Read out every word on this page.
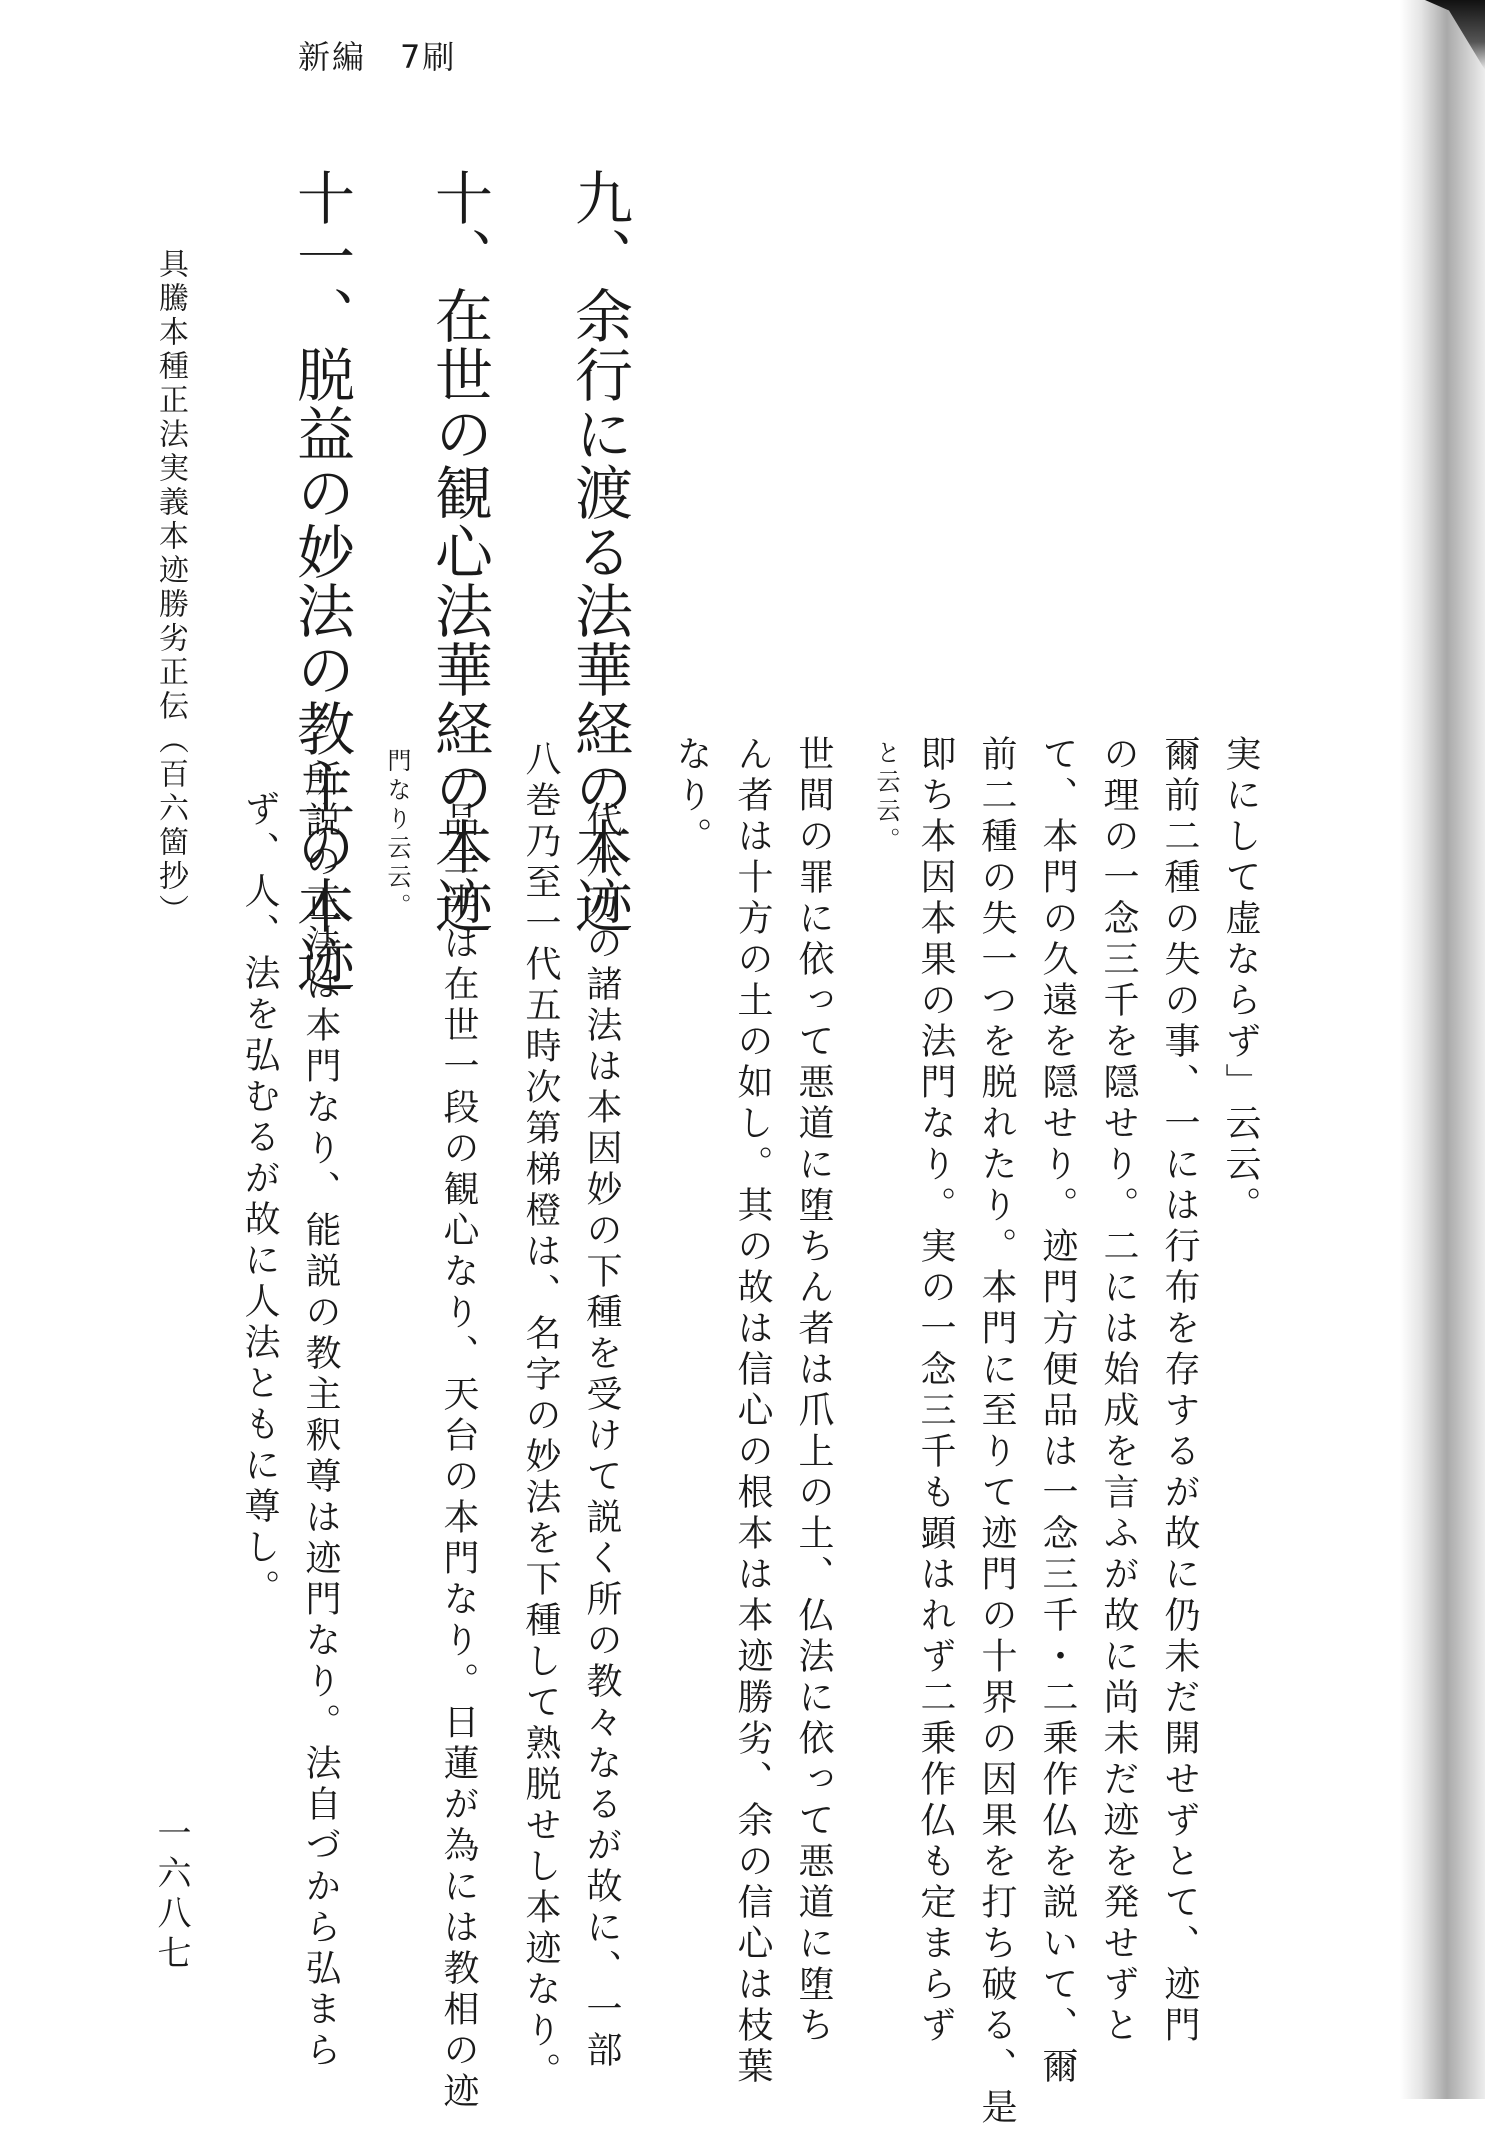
新編　7刷
実にして虚ならず」云云。
爾前二種の失の事、一には行布を存するが故に仍未だ開せずとて、迹門
の理の一念三千を隠せり。二には始成を言ふが故に尚未だ迹を発せずと
て、本門の久遠を隠せり。迹門方便品は一念三千・二乗作仏を説いて、爾
前二種の失一つを脱れたり。本門に至りて迹門の十界の因果を打ち破る、是
即ち本因本果の法門なり。実の一念三千も顕はれず二乗作仏も定まらず
と云云。
世間の罪に依って悪道に堕ちん者は爪上の土、仏法に依って悪道に堕ち
ん者は十方の土の如し。其の故は信心の根本は本迹勝劣、余の信心は枝葉
なり。
九、余行に渡る法華経の本迹
一代八万の諸法は本因妙の下種を受けて説く所の教々なるが故に、一部
八巻乃至一代五時次第梯橙は、名字の妙法を下種して熟脱せし本迹なり。
十、在世の観心法華経の本迹
一品二半は在世一段の観心なり、天台の本門なり。日蓮が為には教相の迹
門なり云云。
十一、脱益の妙法の教主の本迹
所説の正法は本門なり、能説の教主釈尊は迹門なり。法自づから弘まら
ず、人、法を弘むるが故に人法ともに尊し。
具騰本種正法実義本迹勝劣正伝（百六箇抄）
一六八七
